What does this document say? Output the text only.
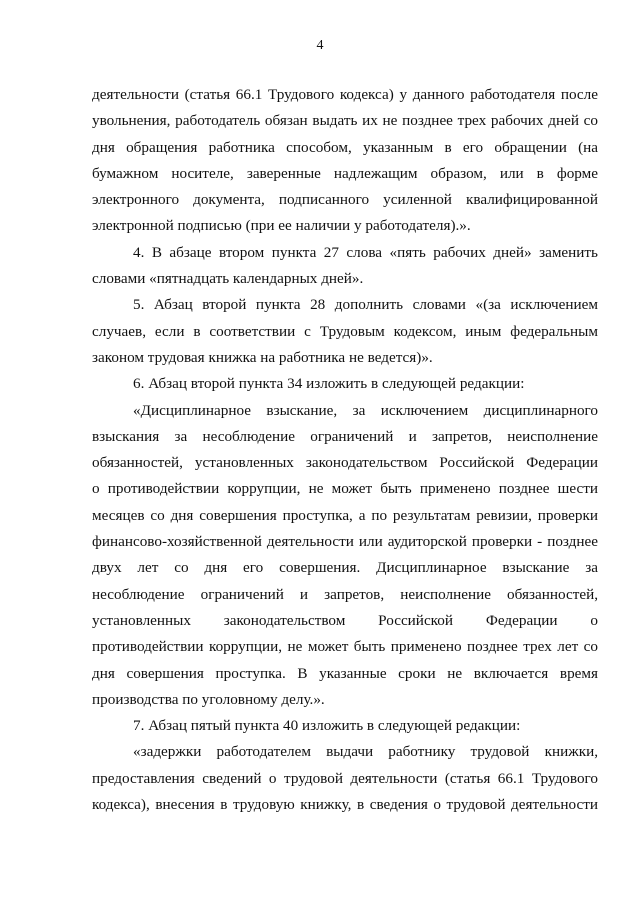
4
деятельности (статья 66.1 Трудового кодекса) у данного работодателя после
увольнения, работодатель обязан выдать их не позднее трех рабочих дней со
дня обращения работника способом, указанным в его обращении (на
бумажном носителе, заверенные надлежащим образом, или в форме
электронного документа, подписанного усиленной квалифицированной
электронной подписью (при ее наличии у работодателя).».
4. В абзаце втором пункта 27 слова «пять рабочих дней» заменить
словами «пятнадцать календарных дней».
5. Абзац второй пункта 28 дополнить словами «(за исключением
случаев, если в соответствии с Трудовым кодексом, иным федеральным
законом трудовая книжка на работника не ведется)».
6. Абзац второй пункта 34 изложить в следующей редакции:
«Дисциплинарное взыскание, за исключением дисциплинарного
взыскания за несоблюдение ограничений и запретов, неисполнение
обязанностей, установленных законодательством Российской Федерации
о противодействии коррупции, не может быть применено позднее шести
месяцев со дня совершения проступка, а по результатам ревизии, проверки
финансово-хозяйственной деятельности или аудиторской проверки - позднее
двух лет со дня его совершения. Дисциплинарное взыскание за
несоблюдение ограничений и запретов, неисполнение обязанностей,
установленных законодательством Российской Федерации о
противодействии коррупции, не может быть применено позднее трех лет со
дня совершения проступка. В указанные сроки не включается время
производства по уголовному делу.».
7. Абзац пятый пункта 40 изложить в следующей редакции:
«задержки работодателем выдачи работнику трудовой книжки,
предоставления сведений о трудовой деятельности (статья 66.1 Трудового
кодекса), внесения в трудовую книжку, в сведения о трудовой деятельности
